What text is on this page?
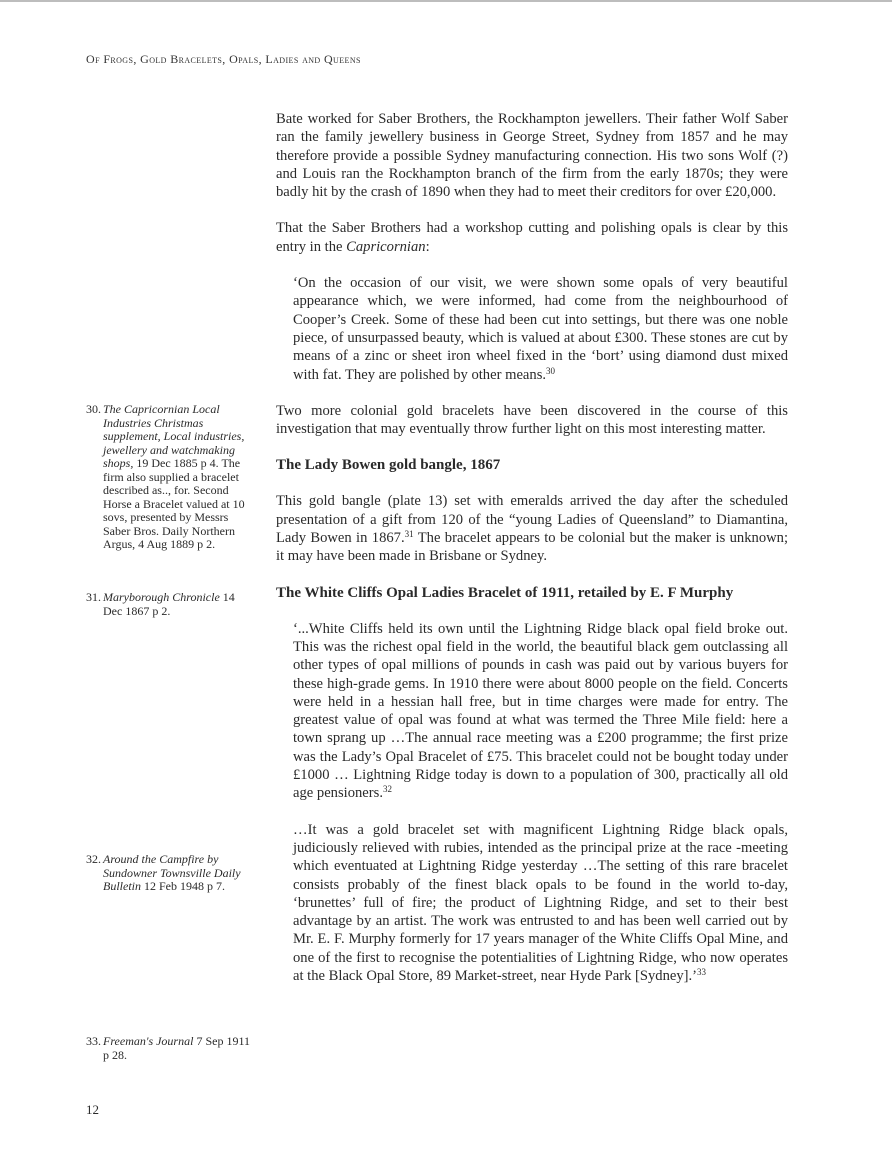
Of Frogs, Gold Bracelets, Opals, Ladies and Queens

Bate worked for Saber Brothers, the Rockhampton jewellers. Their father Wolf Saber ran the family jewellery business in George Street, Sydney from 1857 and he may therefore provide a possible Sydney manufacturing connection. His two sons Wolf (?) and Louis ran the Rockhampton branch of the firm from the early 1870s; they were badly hit by the crash of 1890 when they had to meet their creditors for over £20,000.

That the Saber Brothers had a workshop cutting and polishing opals is clear by this entry in the Capricornian:

‘On the occasion of our visit, we were shown some opals of very beautiful appearance which, we were informed, had come from the neighbourhood of Cooper’s Creek. Some of these had been cut into settings, but there was one noble piece, of unsurpassed beauty, which is valued at about £300. These stones are cut by means of a zinc or sheet iron wheel fixed in the ‘bort’ using diamond dust mixed with fat. They are polished by other means.$^{30}$

Two more colonial gold bracelets have been discovered in the course of this investigation that may eventually throw further light on this most interesting matter.

The Lady Bowen gold bangle, 1867

This gold bangle (plate 13) set with emeralds arrived the day after the scheduled presentation of a gift from 120 of the “young Ladies of Queensland” to Diamantina, Lady Bowen in 1867.31 The bracelet appears to be colonial but the maker is unknown; it may have been made in Brisbane or Sydney.

The White Cliffs Opal Ladies Bracelet of 1911, retailed by E. F Murphy
‘...White Cliffs held its own until the Lightning Ridge black opal field broke out. This was the richest opal field in the world, the beautiful black gem outclassing all other types of opal millions of pounds in cash was paid out by various buyers for these high-grade gems. In 1910 there were about 8000 people on the field. Concerts were held in a hessian hall free, but in time charges were made for entry. The greatest value of opal was found at what was termed the Three Mile field: here a town sprang up …The annual race meeting was a £200 programme; the first prize was the Lady’s Opal Bracelet of £75. This bracelet could not be bought today under £1000 … Lightning Ridge today is down to a population of 300, practically all old age pensioners.$^{32}$
…It was a gold bracelet set with magnificent Lightning Ridge black opals, judiciously relieved with rubies, intended as the principal prize at the race -meeting which eventuated at Lightning Ridge yesterday …The setting of this rare bracelet consists probably of the finest black opals to be found in the world to-day, ‘brunettes’ full of fire; the product of Lightning Ridge, and set to their best advantage by an artist. The work was entrusted to and has been well carried out by Mr. E. F. Murphy formerly for 17 years manager of the White Cliffs Opal Mine, and one of the first to recognise the potentialities of Lightning Ridge, who now operates at the Black Opal Store, 89 Market-street, near Hyde Park [Sydney].’$^{33}$
30. The Capricornian Local Industries Christmas supplement, Local industries, jewellery and watchmaking shops, 19 Dec 1885 p 4. The firm also supplied a bracelet described as.., for. Second Horse a Bracelet valued at 10 sovs, presented by Messrs Saber Bros. Daily Northern Argus, 4 Aug 1889 p 2.
31. Maryborough Chronicle 14 Dec 1867 p 2.
32. Around the Campfire by Sundowner Townsville Daily Bulletin 12 Feb 1948 p 7.
33. Freeman's Journal 7 Sep 1911 p 28.
12
